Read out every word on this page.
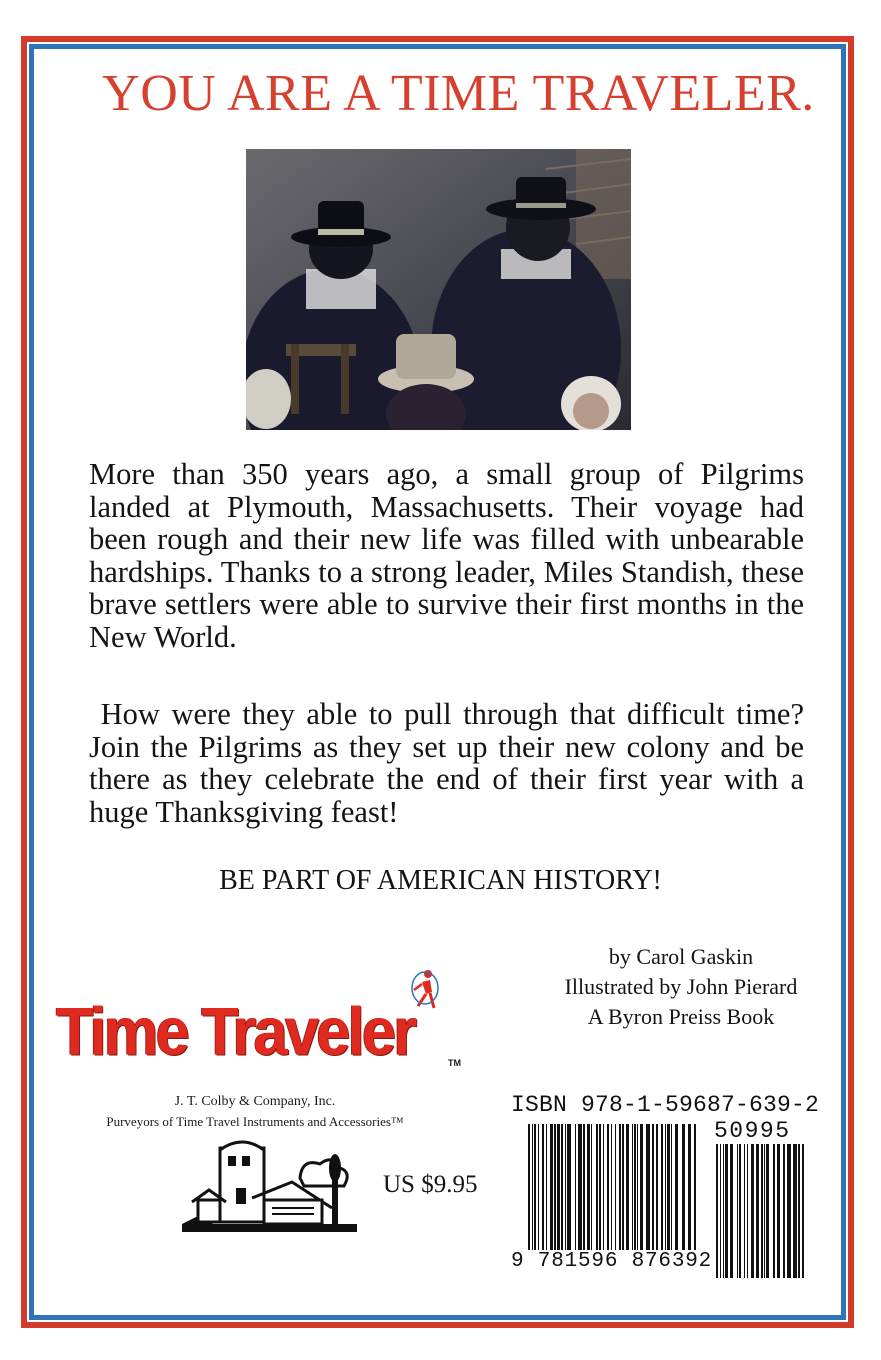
YOU ARE A TIME TRAVELER.
More than 350 years ago, a small group of Pilgrims landed at Plymouth, Massachusetts. Their voyage had been rough and their new life was filled with unbearable hardships. Thanks to a strong leader, Miles Standish, these brave settlers were able to survive their first months in the New World.
How were they able to pull through that difficult time? Join the Pilgrims as they set up their new colony and be there as they celebrate the end of their first year with a huge Thanksgiving feast!
BE PART OF AMERICAN HISTORY!
by Carol Gaskin
Illustrated by John Pierard
A Byron Preiss Book
Time Traveler	TM
J. T. Colby & Company, Inc.
Purveyors of Time Travel Instruments and Accessories™
US $9.95
ISBN 978-1-59687-639-2
50995
9 781596 876392
